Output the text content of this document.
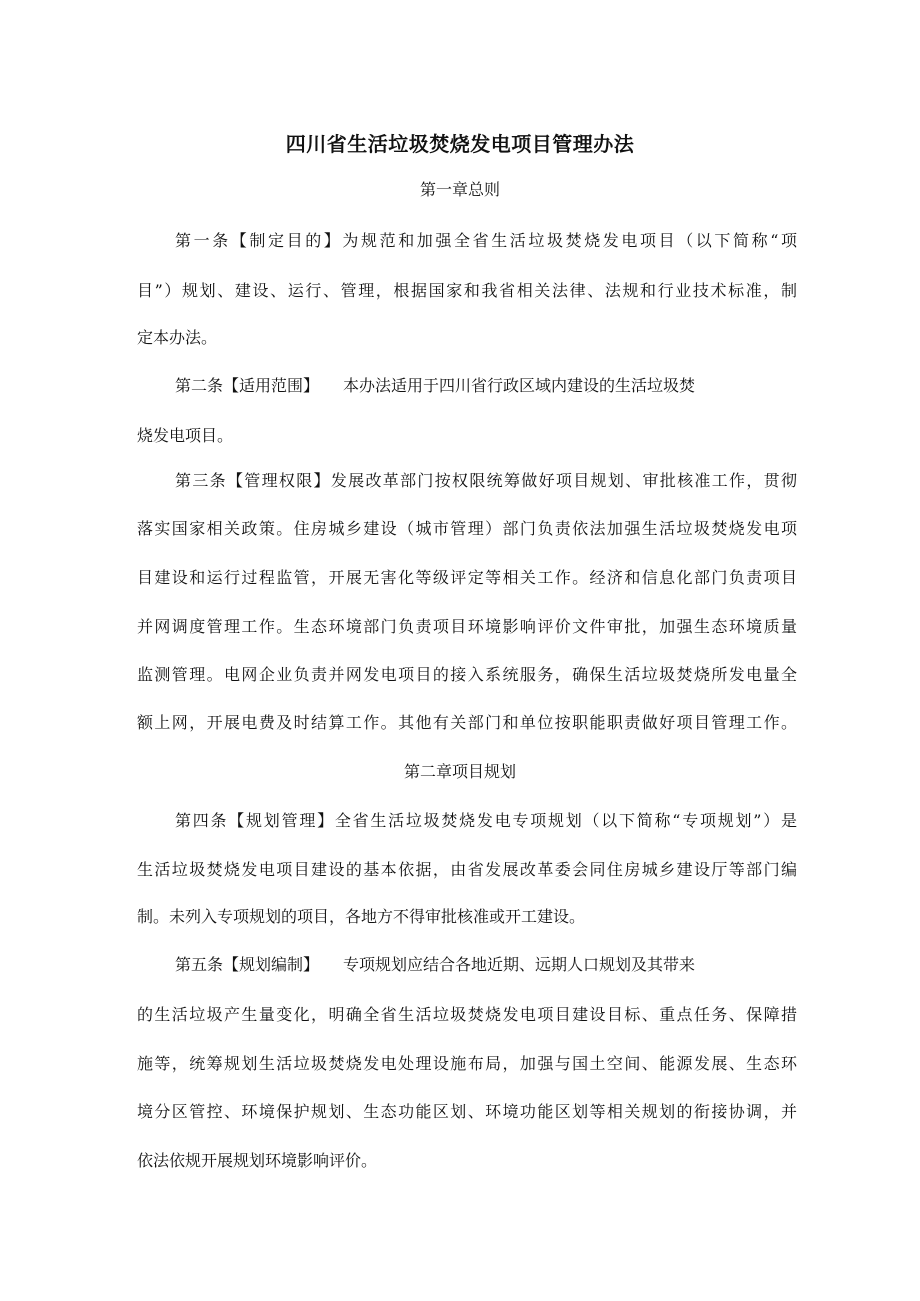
四川省生活垃圾焚烧发电项目管理办法
第一章总则
第一条【制定目的】为规范和加强全省生活垃圾焚烧发电项目（以下简称“项
目”）规划、建设、运行、管理，根据国家和我省相关法律、法规和行业技术标准，制
定本办法。
第二条【适用范围】　　本办法适用于四川省行政区域内建设的生活垃圾焚
烧发电项目。
第三条【管理权限】发展改革部门按权限统筹做好项目规划、审批核准工作，贯彻
落实国家相关政策。住房城乡建设（城市管理）部门负责依法加强生活垃圾焚烧发电项
目建设和运行过程监管，开展无害化等级评定等相关工作。经济和信息化部门负责项目
并网调度管理工作。生态环境部门负责项目环境影响评价文件审批，加强生态环境质量
监测管理。电网企业负责并网发电项目的接入系统服务，确保生活垃圾焚烧所发电量全
额上网，开展电费及时结算工作。其他有关部门和单位按职能职责做好项目管理工作。
第二章项目规划
第四条【规划管理】全省生活垃圾焚烧发电专项规划（以下简称“专项规划”）是
生活垃圾焚烧发电项目建设的基本依据，由省发展改革委会同住房城乡建设厅等部门编
制。未列入专项规划的项目，各地方不得审批核准或开工建设。
第五条【规划编制】　　专项规划应结合各地近期、远期人口规划及其带来
的生活垃圾产生量变化，明确全省生活垃圾焚烧发电项目建设目标、重点任务、保障措
施等，统筹规划生活垃圾焚烧发电处理设施布局，加强与国土空间、能源发展、生态环
境分区管控、环境保护规划、生态功能区划、环境功能区划等相关规划的衔接协调，并
依法依规开展规划环境影响评价。
